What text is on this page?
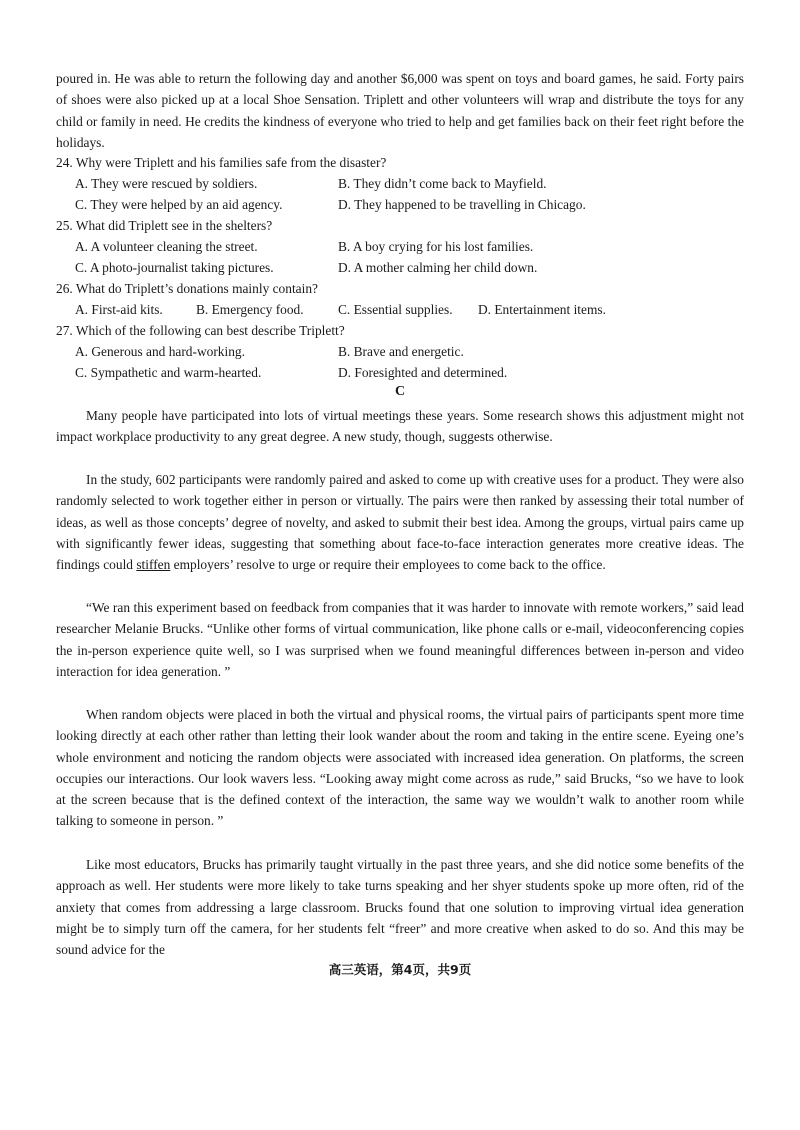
poured in. He was able to return the following day and another $6,000 was spent on toys and board games, he said. Forty pairs of shoes were also picked up at a local Shoe Sensation. Triplett and other volunteers will wrap and distribute the toys for any child or family in need. He credits the kindness of everyone who tried to help and get families back on their feet right before the holidays.

24. Why were Triplett and his families safe from the disaster?

A. They were rescued by soldiers.	B. They didn’t come back to Mayfield.
C. They were helped by an aid agency.	D. They happened to be travelling in Chicago.

25. What did Triplett see in the shelters?

A. A volunteer cleaning the street.	B. A boy crying for his lost families.
C. A photo-journalist taking pictures.	D. A mother calming her child down.

26. What do Triplett’s donations mainly contain?

A. First-aid kits. B. Emergency food.	C. Essential supplies. D. Entertainment items.

27. Which of the following can best describe Triplett?

A. Generous and hard-working.	B. Brave and energetic.
C. Sympathetic and warm-hearted.	D. Foresighted and determined.
C

Many people have participated into lots of virtual meetings these years. Some research shows this adjustment might not impact workplace productivity to any great degree. A new study, though, suggests otherwise.

In the study, 602 participants were randomly paired and asked to come up with creative uses for a product. They were also randomly selected to work together either in person or virtually. The pairs were then ranked by assessing their total number of ideas, as well as those concepts’ degree of novelty, and asked to submit their best idea. Among the groups, virtual pairs came up with significantly fewer ideas, suggesting that something about face-to-face interaction generates more creative ideas. The findings could stiffen employers’ resolve to urge or require their employees to come back to the office.

“We ran this experiment based on feedback from companies that it was harder to innovate with remote workers,” said lead researcher Melanie Brucks. “Unlike other forms of virtual communication, like phone calls or e-mail, videoconferencing copies the in-person experience quite well, so I was surprised when we found meaningful differences between in-person and video interaction for idea generation. ”

When random objects were placed in both the virtual and physical rooms, the virtual pairs of participants spent more time looking directly at each other rather than letting their look wander about the room and taking in the entire scene. Eyeing one’s whole environment and noticing the random objects were associated with increased idea generation. On platforms, the screen occupies our interactions. Our look wavers less. “Looking away might come across as rude,” said Brucks, “so we have to look at the screen because that is the defined context of the interaction, the same way we wouldn’t walk to another room while talking to someone in person. ”

Like most educators, Brucks has primarily taught virtually in the past three years, and she did notice some benefits of the approach as well. Her students were more likely to take turns speaking and her shyer students spoke up more often, rid of the anxiety that comes from addressing a large classroom. Brucks found that one solution to improving virtual idea generation might be to simply turn off the camera, for her students felt “freer” and more creative when asked to do so. And this may be sound advice for the

高三英语，第4页，共9页
